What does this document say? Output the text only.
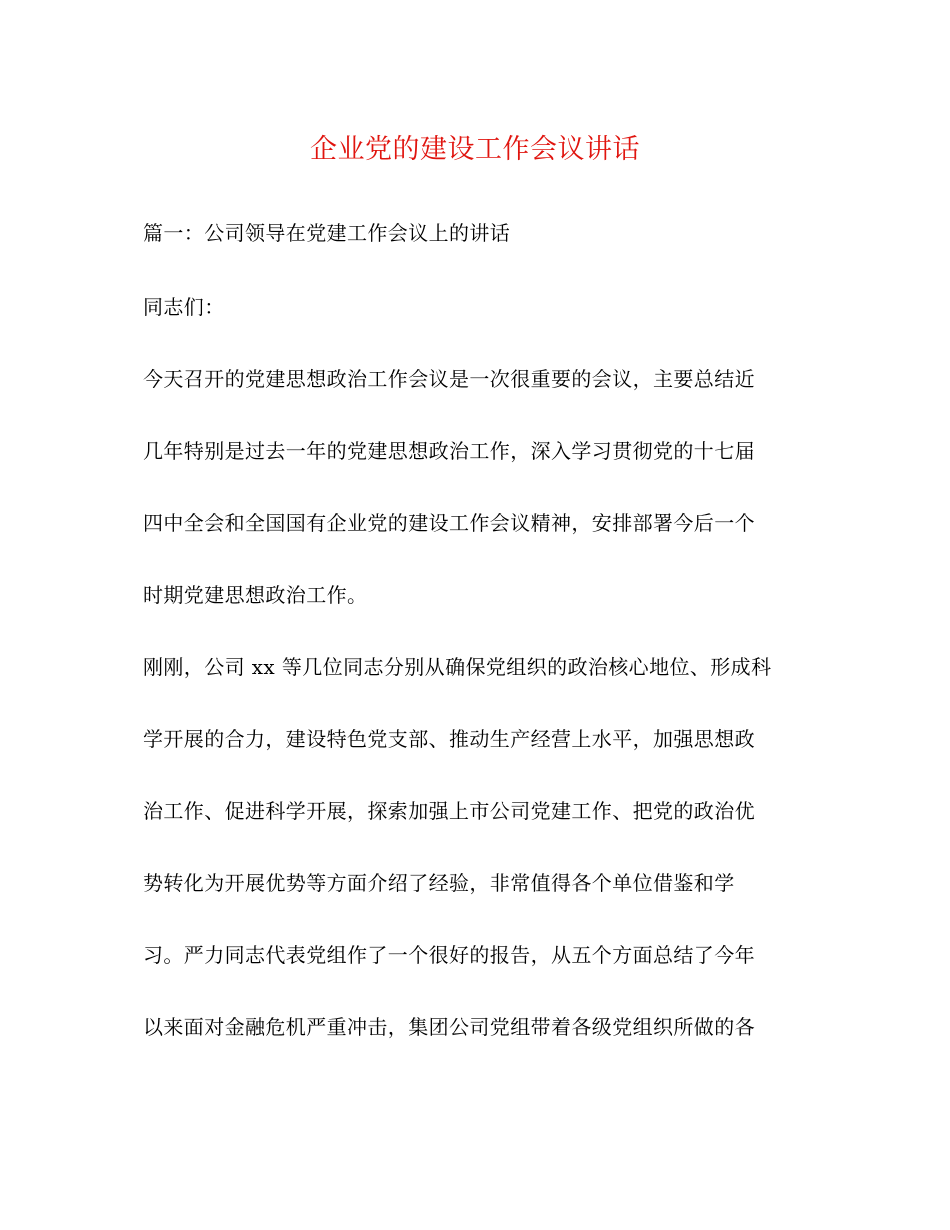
企业党的建设工作会议讲话
篇一：公司领导在党建工作会议上的讲话
同志们：
今天召开的党建思想政治工作会议是一次很重要的会议，主要总结近
几年特别是过去一年的党建思想政治工作，深入学习贯彻党的十七届
四中全会和全国国有企业党的建设工作会议精神，安排部署今后一个
时期党建思想政治工作。
刚刚，公司 xx 等几位同志分别从确保党组织的政治核心地位、形成科
学开展的合力，建设特色党支部、推动生产经营上水平，加强思想政
治工作、促进科学开展，探索加强上市公司党建工作、把党的政治优
势转化为开展优势等方面介绍了经验，非常值得各个单位借鉴和学
习。严力同志代表党组作了一个很好的报告，从五个方面总结了今年
以来面对金融危机严重冲击，集团公司党组带着各级党组织所做的各
